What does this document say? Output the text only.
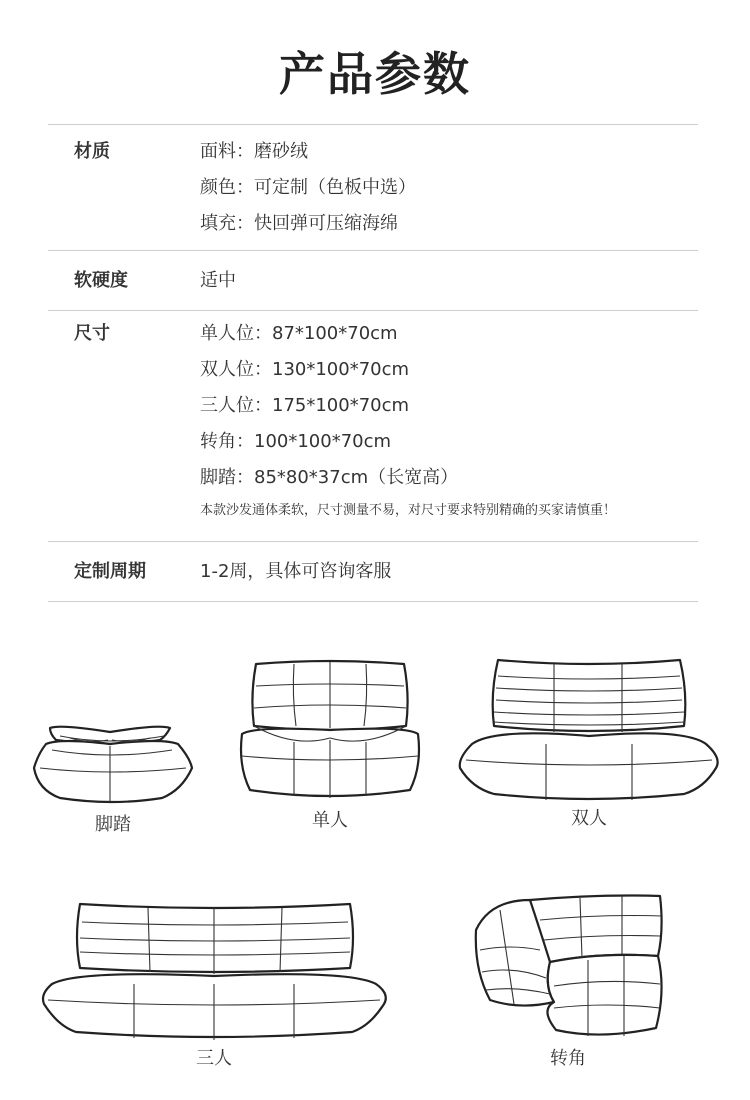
产品参数
材质	面料：磨砂绒
颜色：可定制（色板中选）
填充：快回弹可压缩海绵
软硬度	适中
尺寸	单人位：87*100*70cm
双人位：130*100*70cm
三人位：175*100*70cm
转角：100*100*70cm
脚踏：85*80*37cm（长宽高）
本款沙发通体柔软，尺寸测量不易，对尺寸要求特别精确的买家请慎重！
定制周期	1-2周，具体可咨询客服
脚踏	单人	双人
三人	转角
